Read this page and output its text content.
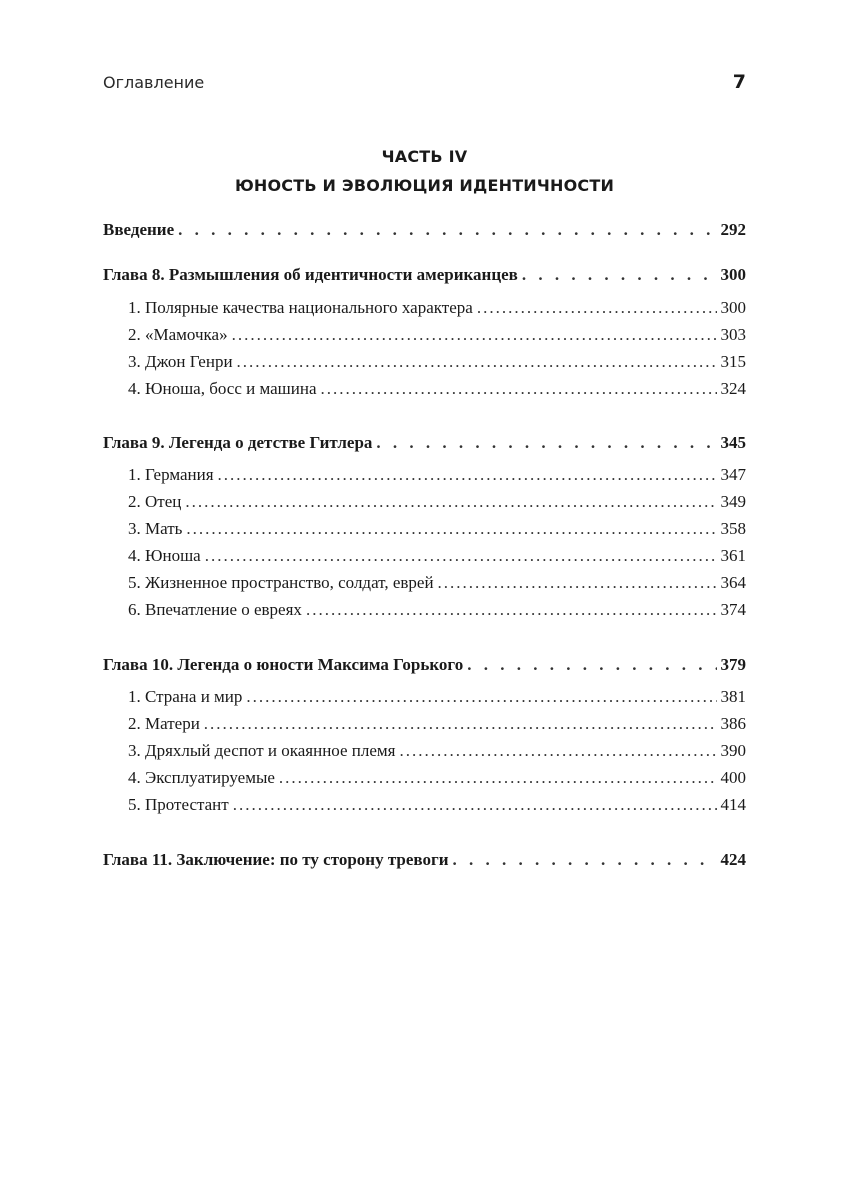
Оглавление	7
ЧАСТЬ IV
ЮНОСТЬ И ЭВОЛЮЦИЯ ИДЕНТИЧНОСТИ
Введение . . .	292
Глава 8. Размышления об идентичности американцев . . .	300
1. Полярные качества национального характера .....	300
2. «Мамочка» .....	303
3. Джон Генри .....	315
4. Юноша, босс и машина .....	324
Глава 9. Легенда о детстве Гитлера . . .	345
1. Германия .....	347
2. Отец .....	349
3. Мать .....	358
4. Юноша .....	361
5. Жизненное пространство, солдат, еврей .....	364
6. Впечатление о евреях .....	374
Глава 10. Легенда о юности Максима Горького . . .	379
1. Страна и мир .....	381
2. Матери .....	386
3. Дряхлый деспот и окаянное племя .....	390
4. Эксплуатируемые .....	400
5. Протестант .....	414
Глава 11. Заключение: по ту сторону тревоги . . .	424
